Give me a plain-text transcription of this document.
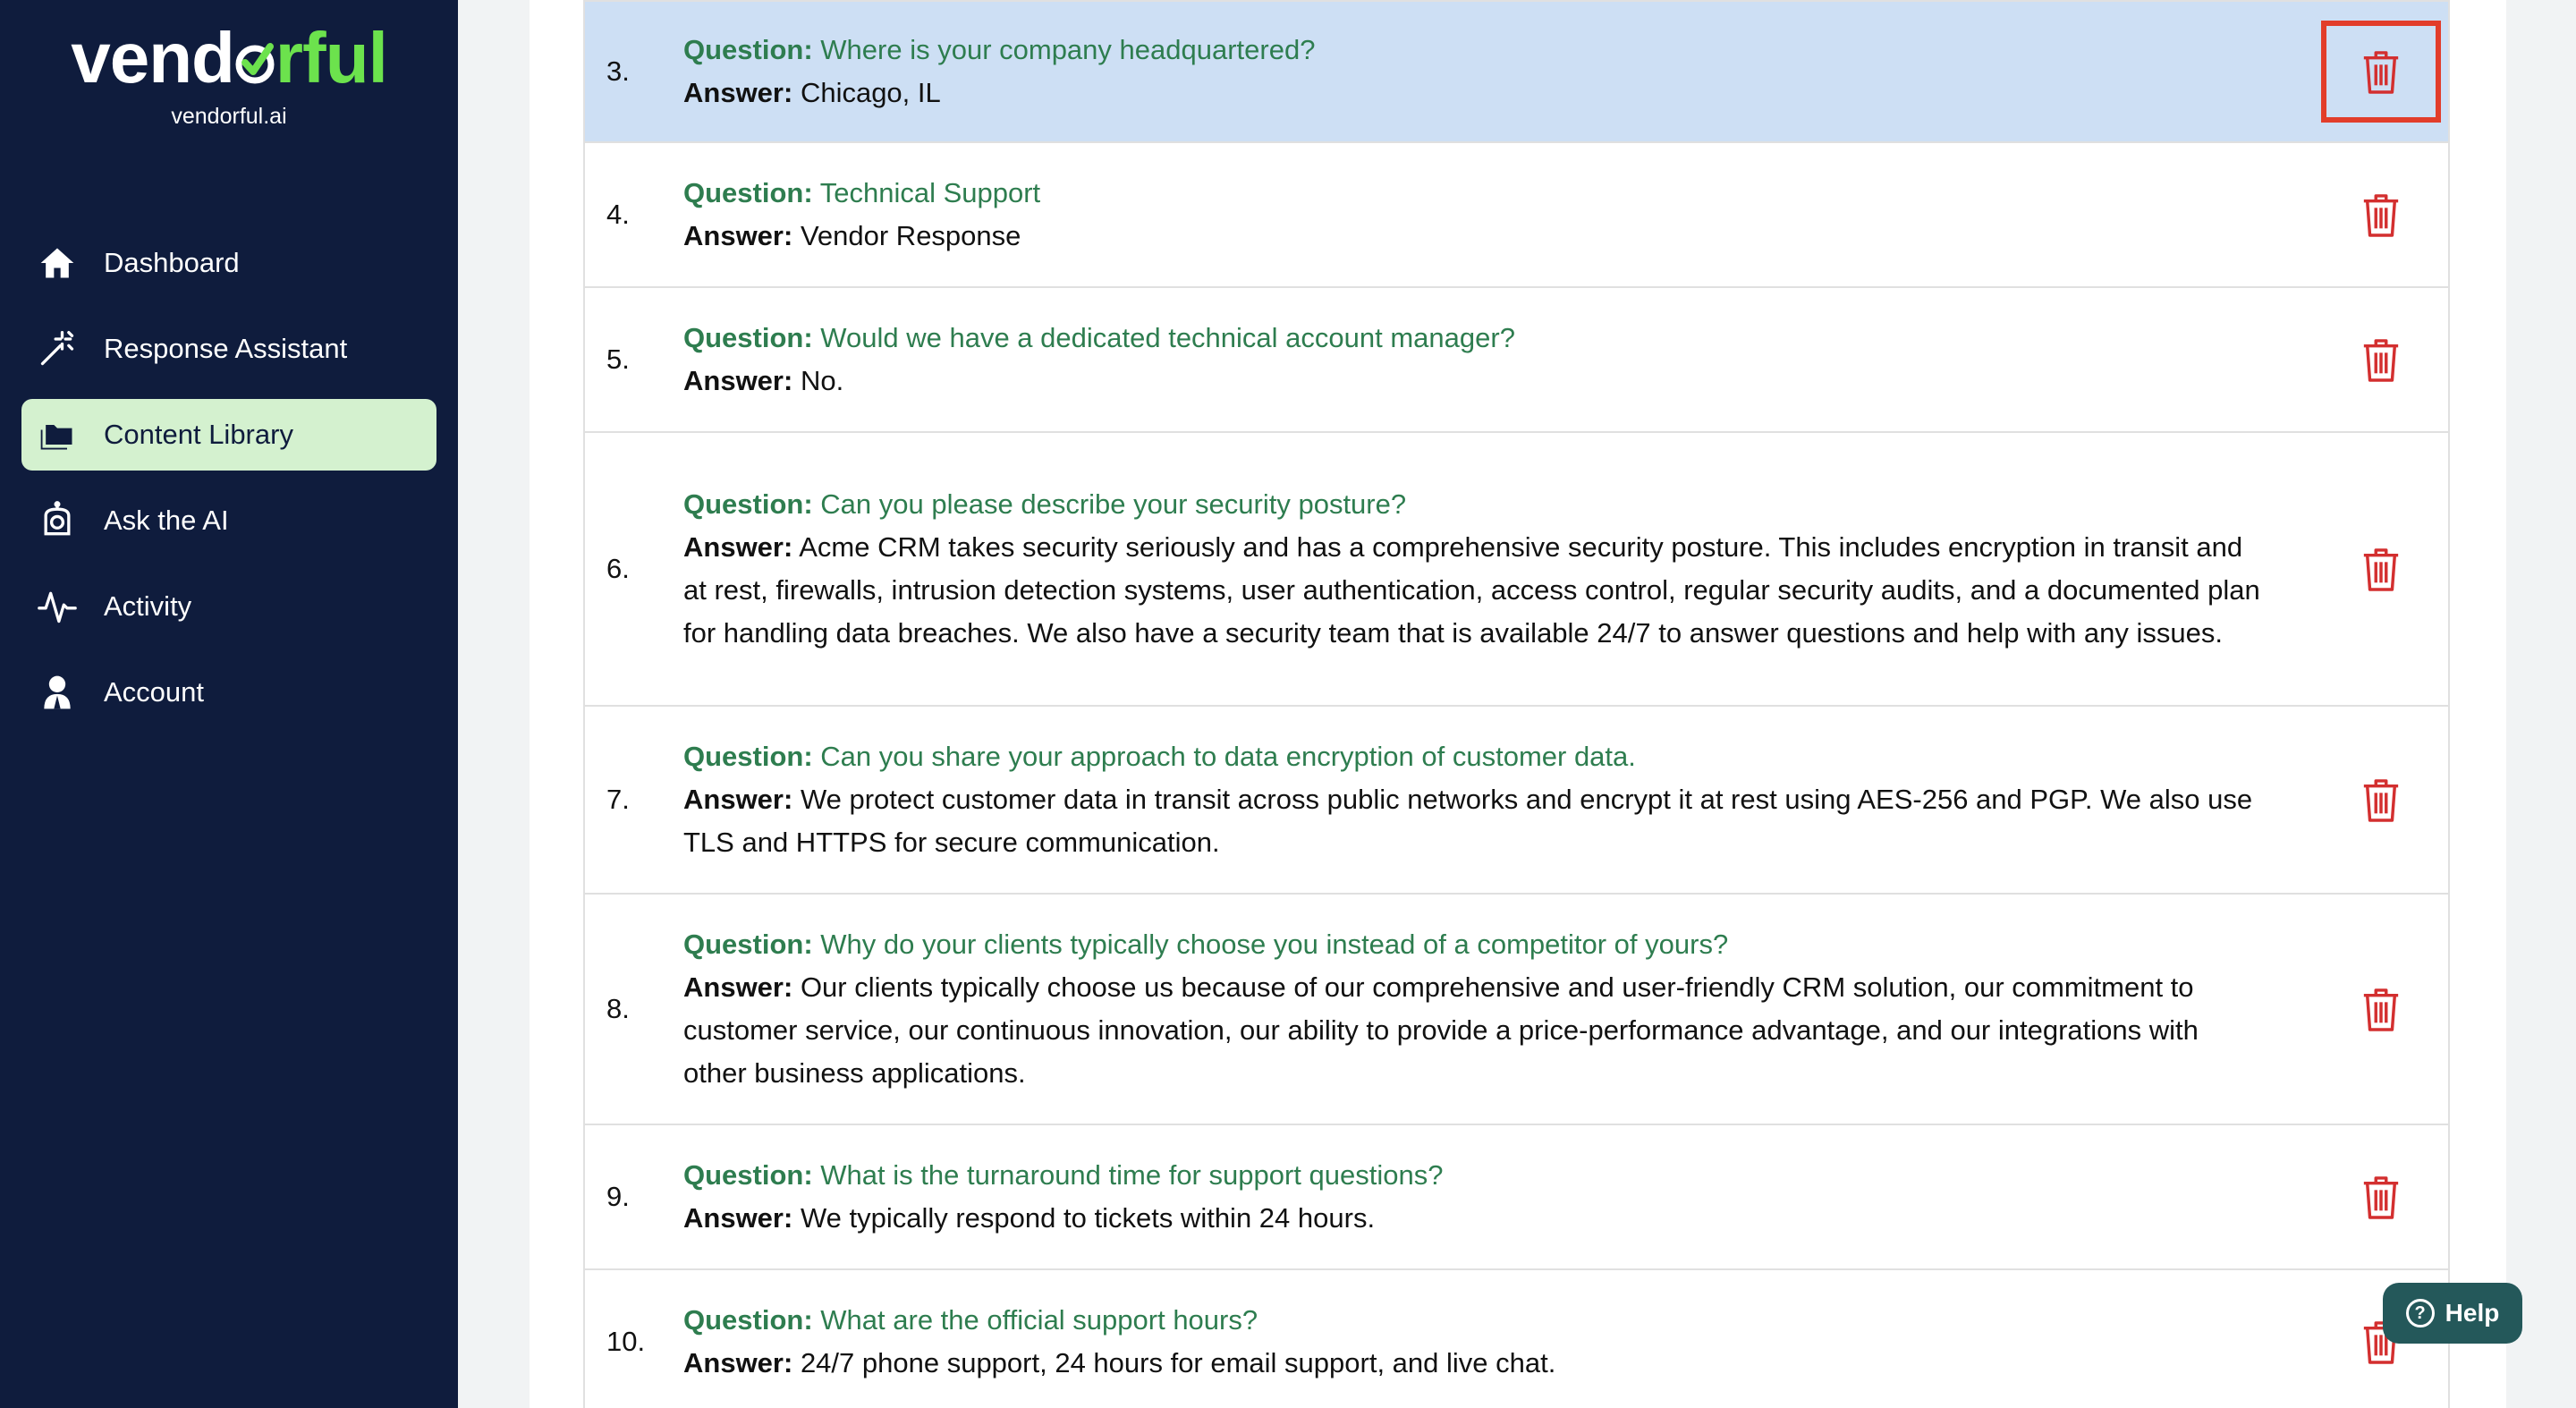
vend rful
vendorful.ai
Dashboard
Response Assistant
Content Library
Ask the AI
Activity
Account
3.
Question: Where is your company headquartered?
Answer: Chicago, IL
4.
Question: Technical Support
Answer: Vendor Response
5.
Question: Would we have a dedicated technical account manager?
Answer: No.
6.
Question: Can you please describe your security posture?
Answer: Acme CRM takes security seriously and has a comprehensive security posture. This includes encryption in transit and at rest, firewalls, intrusion detection systems, user authentication, access control, regular security audits, and a documented plan for handling data breaches. We also have a security team that is available 24/7 to answer questions and help with any issues.
7.
Question: Can you share your approach to data encryption of customer data.
Answer: We protect customer data in transit across public networks and encrypt it at rest using AES-256 and PGP. We also use TLS and HTTPS for secure communication.
8.
Question: Why do your clients typically choose you instead of a competitor of yours?
Answer: Our clients typically choose us because of our comprehensive and user-friendly CRM solution, our commitment to customer service, our continuous innovation, our ability to provide a price-performance advantage, and our integrations with other business applications.
9.
Question: What is the turnaround time for support questions?
Answer: We typically respond to tickets within 24 hours.
10.
Question: What are the official support hours?
Answer: 24/7 phone support, 24 hours for email support, and live chat.
? Help
